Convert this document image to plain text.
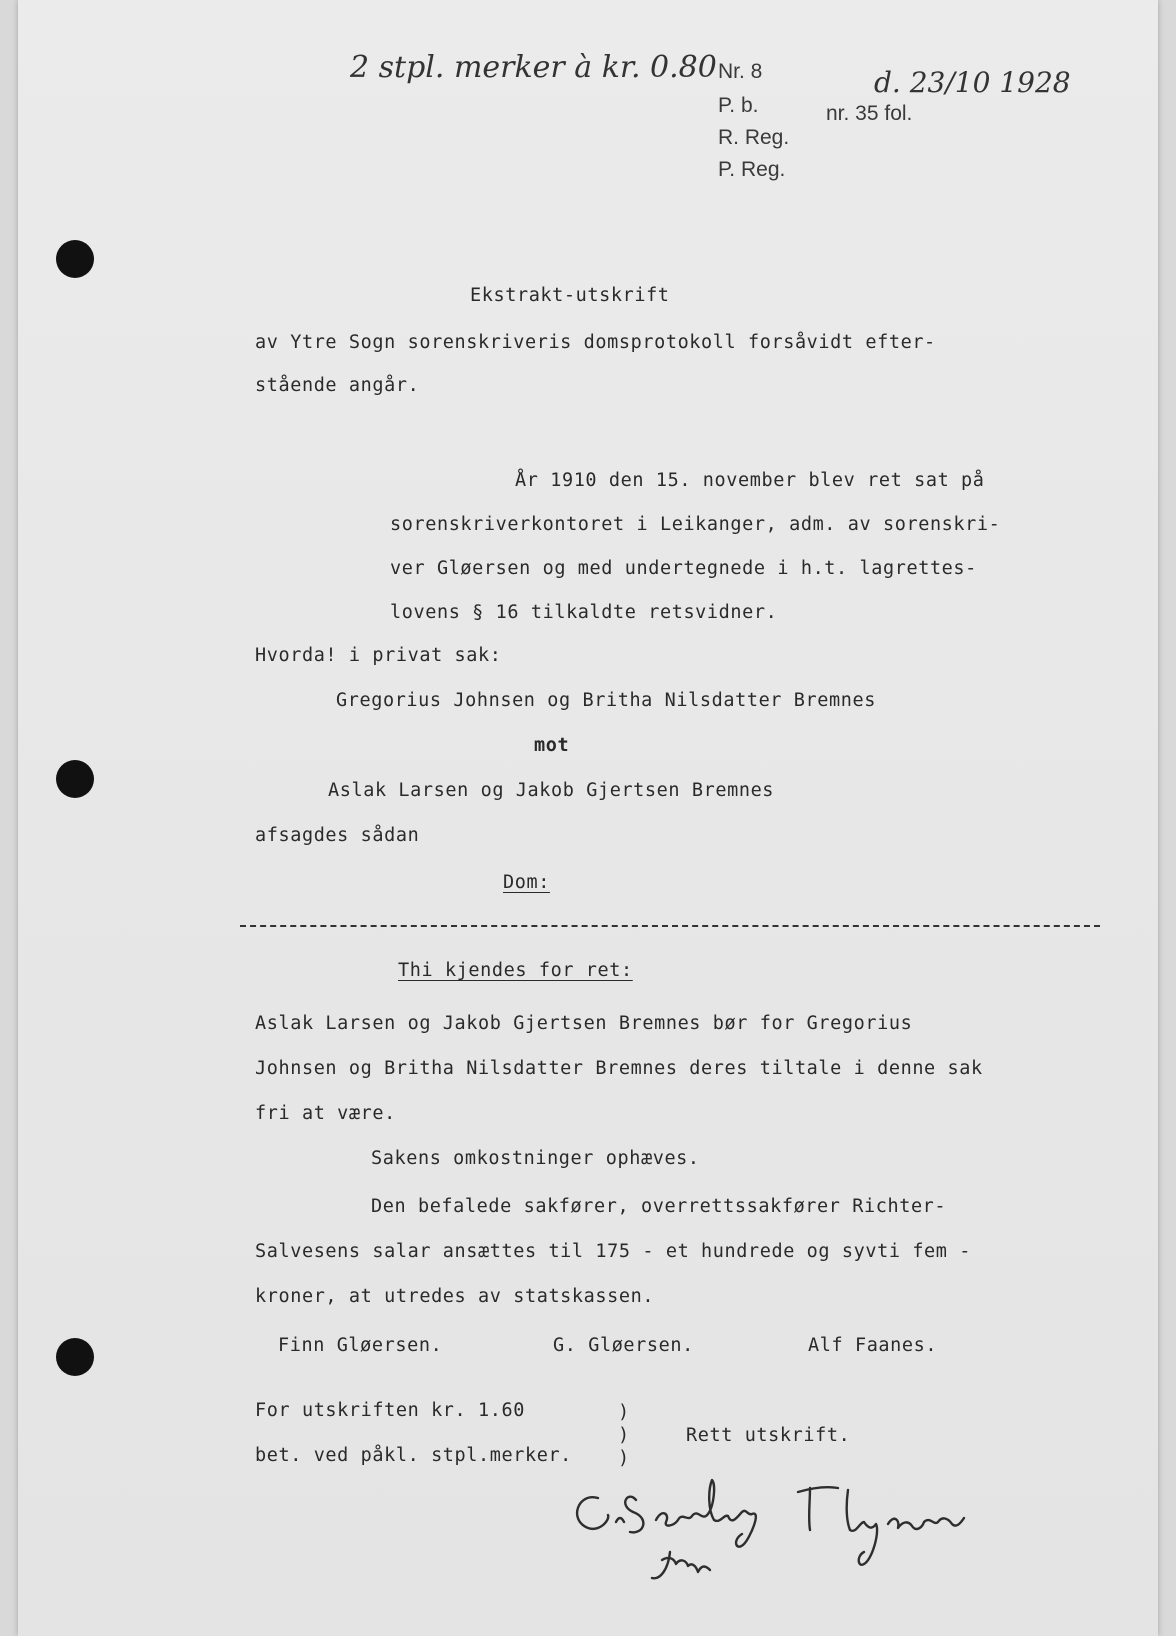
2 stpl. merker à kr. 0.80 Nr. 8
P. b.
R. Reg.
P. Reg.
d. 23/10 1928
nr. 35 fol.
Ekstrakt-utskrift
av Ytre Sogn sorenskriveris domsprotokoll forsåvidt efter-
stående angår.
År 1910 den 15. november blev ret sat på
sorenskriverkontoret i Leikanger, adm. av sorenskri-
ver Gløersen og med undertegnede i h.t. lagrettes-
lovens § 16 tilkaldte retsvidner.
Hvorda! i privat sak:
Gregorius Johnsen og Britha Nilsdatter Bremnes
mot
Aslak Larsen og Jakob Gjertsen Bremnes
afsagdes sådan
Dom:
Thi kjendes for ret:
Aslak Larsen og Jakob Gjertsen Bremnes bør for Gregorius
Johnsen og Britha Nilsdatter Bremnes deres tiltale i denne sak
fri at være.
Sakens omkostninger ophæves.
Den befalede sakfører, overrettssakfører Richter-
Salvesens salar ansættes til 175 - et hundrede og syvti fem -
kroner, at utredes av statskassen.
Finn Gløersen.	G. Gløersen.	Alf Faanes.
For utskriften kr. 1.60
bet. ved påkl. stpl.merker.
)
)
)
Rett utskrift.
